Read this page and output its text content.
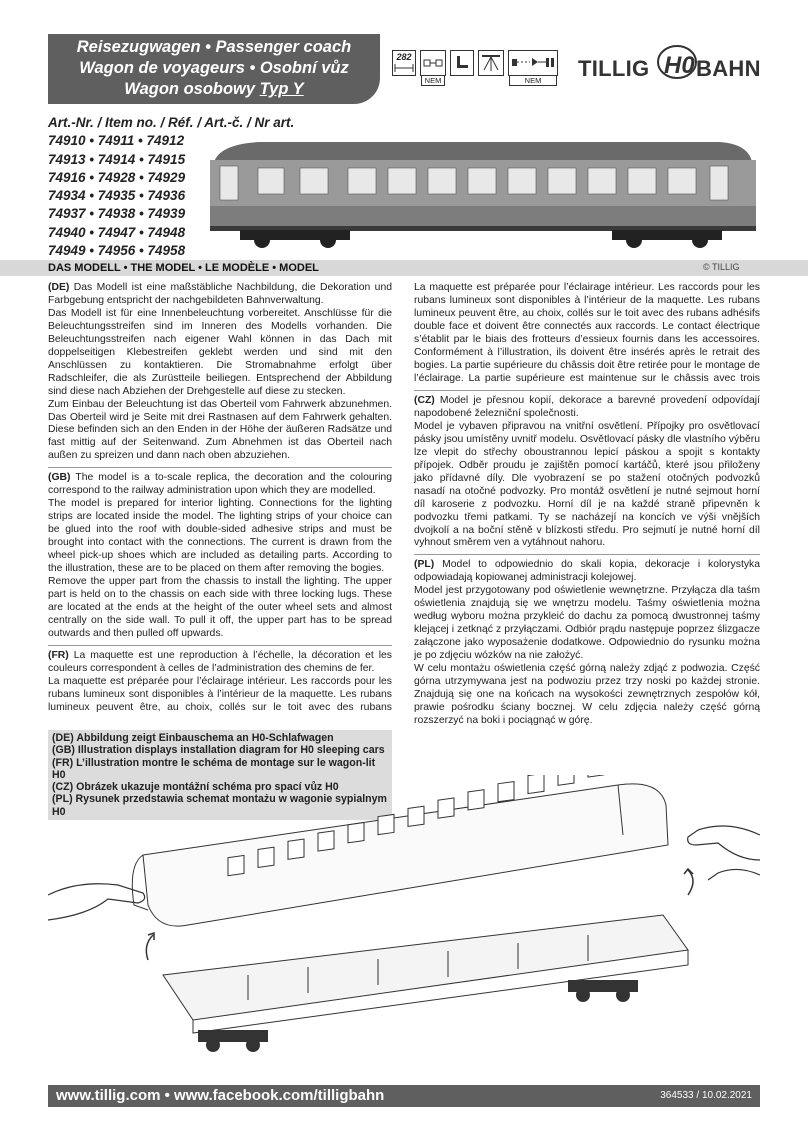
Reisezugwagen • Passenger coach
Wagon de voyageurs • Osobní vůz
Wagon osobowy Typ Y
282
NEM	NEM	TILLIG H0 BAHN
Art.-Nr. / Item no. / Réf. / Art.-č. / Nr art.
74910 • 74911 • 74912
74913 • 74914 • 74915
74916 • 74928 • 74929
74934 • 74935 • 74936
74937 • 74938 • 74939
74940 • 74947 • 74948
74949 • 74956 • 74958
DAS MODELL • THE MODEL • LE MODÈLE • MODEL	© TILLIG

(DE) Das Modell ist eine maßstäbliche Nachbildung, die Dekoration und Farbgebung entspricht der nachgebildeten Bahnverwaltung.

Das Modell ist für eine Innenbeleuchtung vorbereitet. Anschlüsse für die Beleuchtungsstreifen sind im Inneren des Modells vorhanden. Die Beleuchtungsstreifen nach eigener Wahl können in das Dach mit doppelseitigen Klebestreifen geklebt werden und sind mit den Anschlüssen zu kontaktieren. Die Stromabnahme erfolgt über Radschleifer, die als Zurüstteile beiliegen. Entsprechend der Abbildung sind diese nach Abziehen der Drehgestelle auf diese zu stecken.

Zum Einbau der Beleuchtung ist das Oberteil vom Fahrwerk abzunehmen. Das Oberteil wird je Seite mit drei Rastnasen auf dem Fahrwerk gehalten. Diese befinden sich an den Enden in der Höhe der äußeren Radsätze und fast mittig auf der Seitenwand. Zum Abnehmen ist das Oberteil nach außen zu spreizen und dann nach oben abzuziehen.

(GB) The model is a to-scale replica, the decoration and the colouring correspond to the railway administration upon which they are modelled.

The model is prepared for interior lighting. Connections for the lighting strips are located inside the model. The lighting strips of your choice can be glued into the roof with double-sided adhesive strips and must be brought into contact with the connections. The current is drawn from the wheel pick-up shoes which are included as detailing parts. According to the illustration, these are to be placed on them after removing the bogies.

Remove the upper part from the chassis to install the lighting. The upper part is held on to the chassis on each side with three locking lugs. These are located at the ends at the height of the outer wheel sets and almost centrally on the side wall. To pull it off, the upper part has to be spread outwards and then pulled off upwards.

(FR) La maquette est une reproduction à l’échelle, la décoration et les couleurs correspondent à celles de l’administration des chemins de fer.

La maquette est préparée pour l’éclairage intérieur. Les raccords pour les rubans lumineux sont disponibles à l’intérieur de la maquette. Les rubans lumineux peuvent être, au choix, collés sur le toit avec des rubans

La maquette est préparée pour l’éclairage intérieur. Les raccords pour les rubans lumineux sont disponibles à l’intérieur de la maquette. Les rubans lumineux peuvent être, au choix, collés sur le toit avec des rubans adhésifs double face et doivent être connectés aux raccords. Le contact électrique s’établit par le biais des frotteurs d’essieux fournis dans les accessoires. Conformément à l’illustration, ils doivent être insérés après le retrait des bogies. La partie supérieure du châssis doit être retirée pour le montage de l’éclairage. La partie supérieure est maintenue sur le châssis avec trois

(CZ) Model je přesnou kopií, dekorace a barevné provedení odpovídají napodobené železniční společnosti.

Model je vybaven připravou na vnitřní osvětlení. Přípojky pro osvětlovací pásky jsou umístěny uvnitř modelu. Osvětlovací pásky dle vlastního výběru lze vlepit do střechy oboustrannou lepicí páskou a spojit s kontakty přípojek. Odběr proudu je zajištěn pomocí kartáčů, které jsou přiloženy jako přídavné díly. Dle vyobrazení se po stažení otočných podvozků nasadí na otočné podvozky. Pro montáž osvětlení je nutné sejmout horní díl karoserie z podvozku. Horní díl je na každé straně připevněn k podvozku třemi patkami. Ty se nacházejí na koncích ve výši vnějších dvojkolí a na boční stěně v blízkosti středu. Pro sejmutí je nutné horní díl vyhnout směrem ven a vytáhnout nahoru.

(PL) Model to odpowiednio do skali kopia, dekoracje i kolorystyka odpowiadają kopiowanej administracji kolejowej.

Model jest przygotowany pod oświetlenie wewnętrzne. Przyłącza dla taśm oświetlenia znajdują się we wnętrzu modelu. Taśmy oświetlenia można według wyboru można przykleić do dachu za pomocą dwustronnej taśmy klejącej i zetknąć z przyłączami. Odbiór prądu następuje poprzez ślizgacze załączone jako wyposażenie dodatkowe. Odpowiednio do rysunku można je po zdjęciu wózków na nie założyć.

W celu montażu oświetlenia część górną należy zdjąć z podwozia. Część górna utrzymywana jest na podwoziu przez trzy noski po każdej stronie. Znajdują się one na końcach na wysokości zewnętrznych zespołów kół, prawie pośrodku ściany bocznej. W celu zdjęcia należy część górną rozszerzyć na boki i pociągnąć w górę.

(DE) Abbildung zeigt Einbauschema an H0-Schlafwagen
(GB) Illustration displays installation diagram for H0 sleeping cars
(FR) L’illustration montre le schéma de montage sur le wagon-lit H0
(CZ) Obrázek ukazuje montážní schéma pro spací vůz H0
(PL) Rysunek przedstawia schemat montażu w wagonie sypialnym H0
www.tillig.com • www.facebook.com/tilligbahn	364533 / 10.02.2021
